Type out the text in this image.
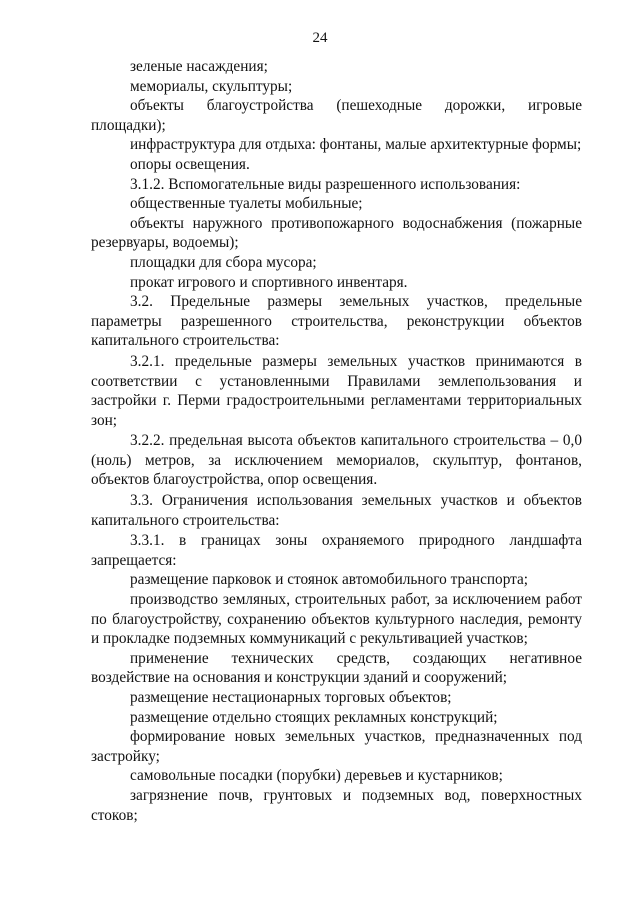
24

зеленые насаждения;

мемориалы, скульптуры;

объекты благоустройства (пешеходные дорожки, игровые площадки);

инфраструктура для отдыха: фонтаны, малые архитектурные формы;

опоры освещения.

3.1.2. Вспомогательные виды разрешенного использования:

общественные туалеты мобильные;

объекты наружного противопожарного водоснабжения (пожарные резервуары, водоемы);

площадки для сбора мусора;

прокат игрового и спортивного инвентаря.

3.2. Предельные размеры земельных участков, предельные параметры разрешенного строительства, реконструкции объектов капитального строительства:

3.2.1. предельные размеры земельных участков принимаются в соответствии с установленными Правилами землепользования и застройки г. Перми градостроительными регламентами территориальных зон;

3.2.2. предельная высота объектов капитального строительства – 0,0 (ноль) метров, за исключением мемориалов, скульптур, фонтанов, объектов благоустройства, опор освещения.

3.3. Ограничения использования земельных участков и объектов капитального строительства:

3.3.1. в границах зоны охраняемого природного ландшафта запрещается:

размещение парковок и стоянок автомобильного транспорта;

производство земляных, строительных работ, за исключением работ по благоустройству, сохранению объектов культурного наследия, ремонту и прокладке подземных коммуникаций с рекультивацией участков;

применение технических средств, создающих негативное воздействие на основания и конструкции зданий и сооружений;

размещение нестационарных торговых объектов;

размещение отдельно стоящих рекламных конструкций;

формирование новых земельных участков, предназначенных под застройку;

самовольные посадки (порубки) деревьев и кустарников;

загрязнение почв, грунтовых и подземных вод, поверхностных стоков;
